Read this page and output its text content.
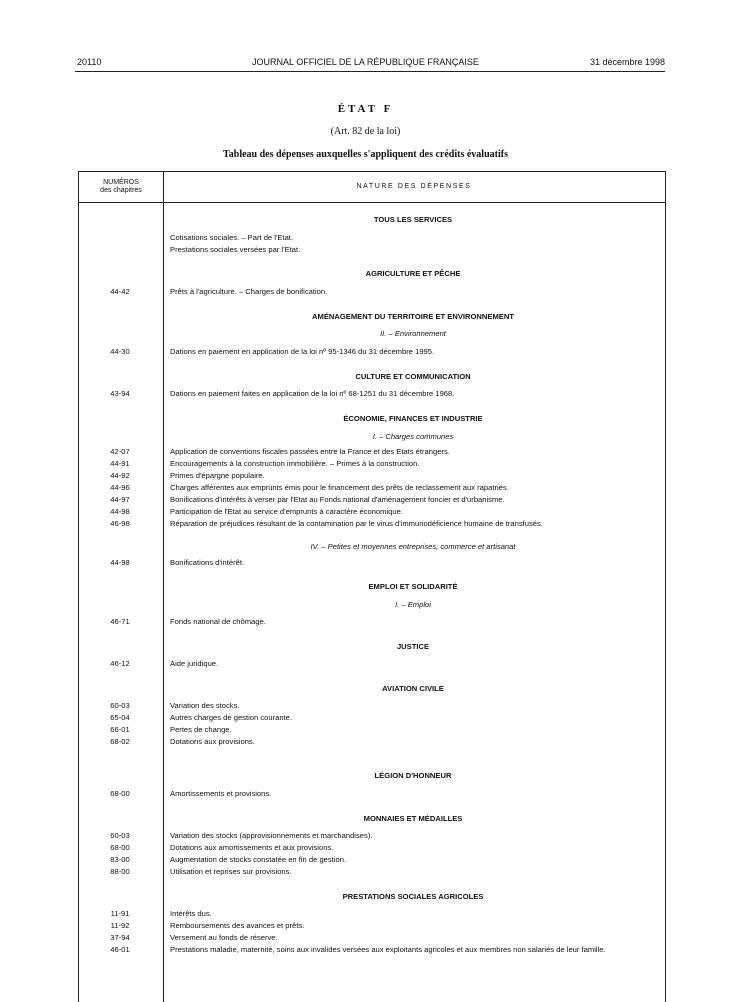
20110	JOURNAL OFFICIEL DE LA RÉPUBLIQUE FRANÇAISE	31 décembre 1998
ÉTAT F
(Art. 82 de la loi)
Tableau des dépenses auxquelles s'appliquent des crédits évaluatifs
NUMÉROS
des chapitres
NATURE DES DÉPENSES
TOUS LES SERVICES
Cotisations sociales. – Part de l'Etat.
Prestations sociales versées par l'Etat.
AGRICULTURE ET PÊCHE
44-42	Prêts à l'agriculture. – Charges de bonification.
AMÉNAGEMENT DU TERRITOIRE ET ENVIRONNEMENT
II. – Environnement
44-30	Dations en paiement en application de la loi nº 95-1346 du 31 décembre 1995.
CULTURE ET COMMUNICATION
43-94	Dations en paiement faites en application de la loi nº 68-1251 du 31 décembre 1968.
ÉCONOMIE, FINANCES ET INDUSTRIE
I. – Charges communes
42-07	Application de conventions fiscales passées entre la France et des Etats étrangers.
44-91	Encouragements à la construction immobilière. – Primes à la construction.
44-92	Primes d'épargne populaire.
44-96	Charges afférentes aux emprunts émis pour le financement des prêts de reclassement aux rapatriés.
44-97	Bonifications d'intérêts à verser par l'Etat au Fonds national d'aménagement foncier et d'urbanisme.
44-98	Participation de l'Etat au service d'emprunts à caractère économique.
46-98	Réparation de préjudices résultant de la contamination par le virus d'immunodéficience humaine de transfusés.
IV. – Petites et moyennes entreprises, commerce et artisanat
44-98	Bonifications d'intérêt.
EMPLOI ET SOLIDARITÉ
I. – Emploi
46-71	Fonds national de chômage.
JUSTICE
46-12	Aide juridique.
AVIATION CIVILE
60-03	Variation des stocks.
65-04	Autres charges de gestion courante.
66-01	Pertes de change.
68-02	Dotations aux provisions.
LÉGION D'HONNEUR
68-00	Amortissements et provisions.
MONNAIES ET MÉDAILLES
60-03	Variation des stocks (approvisionnements et marchandises).
68-00	Dotations aux amortissements et aux provisions.
83-00	Augmentation de stocks constatée en fin de gestion.
88-00	Utilisation et reprises sur provisions.
PRESTATIONS SOCIALES AGRICOLES
11-91	Intérêts dus.
11-92	Remboursements des avances et prêts.
37-94	Versement au fonds de réserve.
46-01	Prestations maladie, maternité, soins aux invalides versées aux exploitants agricoles et aux membres non salariés de leur famille.
